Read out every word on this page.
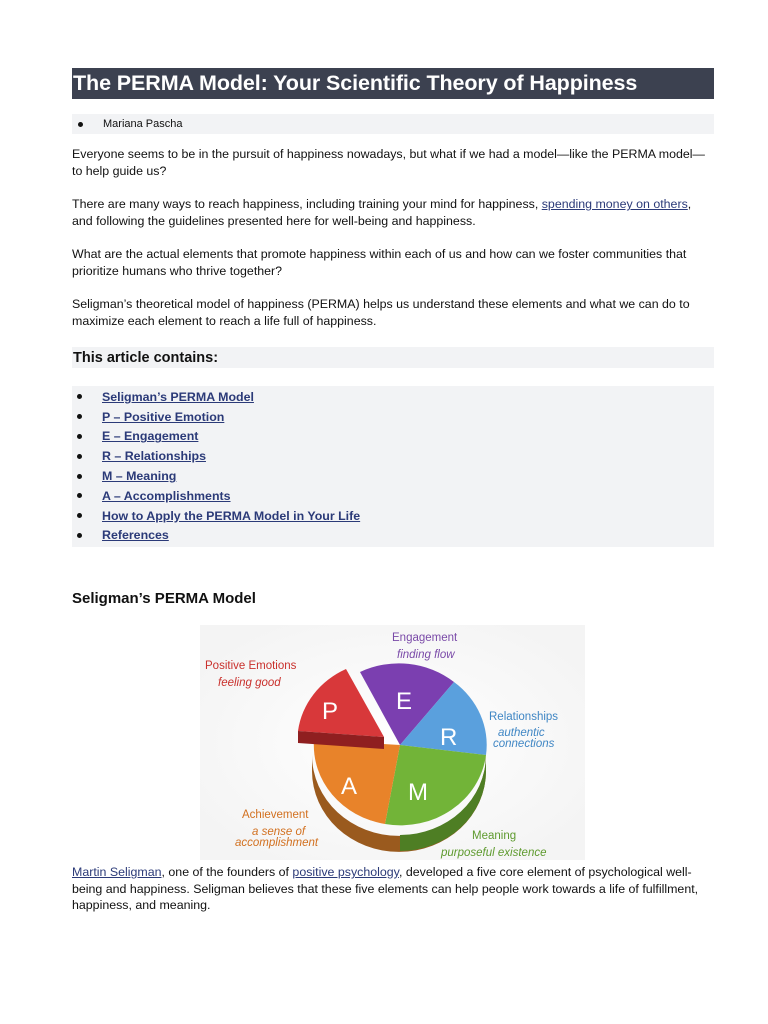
The PERMA Model: Your Scientific Theory of Happiness
Mariana Pascha

Everyone seems to be in the pursuit of happiness nowadays, but what if we had a model—like the PERMA model—to help guide us?

There are many ways to reach happiness, including training your mind for happiness, spending money on others, and following the guidelines presented here for well-being and happiness.

What are the actual elements that promote happiness within each of us and how can we foster communities that prioritize humans who thrive together?

Seligman’s theoretical model of happiness (PERMA) helps us understand these elements and what we can do to maximize each element to reach a life full of happiness.

This article contains:
Seligman’s PERMA Model
P – Positive Emotion
E – Engagement
R – Relationships
M – Meaning
A – Accomplishments
How to Apply the PERMA Model in Your Life
References
Seligman’s PERMA Model
P E
R
M
A
Positive Emotions
feeling good
Engagement
finding flow
Relationships
authentic
connections
Meaning
purposeful existence
Achievement
a sense of
accomplishment

Martin Seligman, one of the founders of positive psychology, developed a five core element of psychological well-being and happiness. Seligman believes that these five elements can help people work towards a life of fulfillment, happiness, and meaning.
